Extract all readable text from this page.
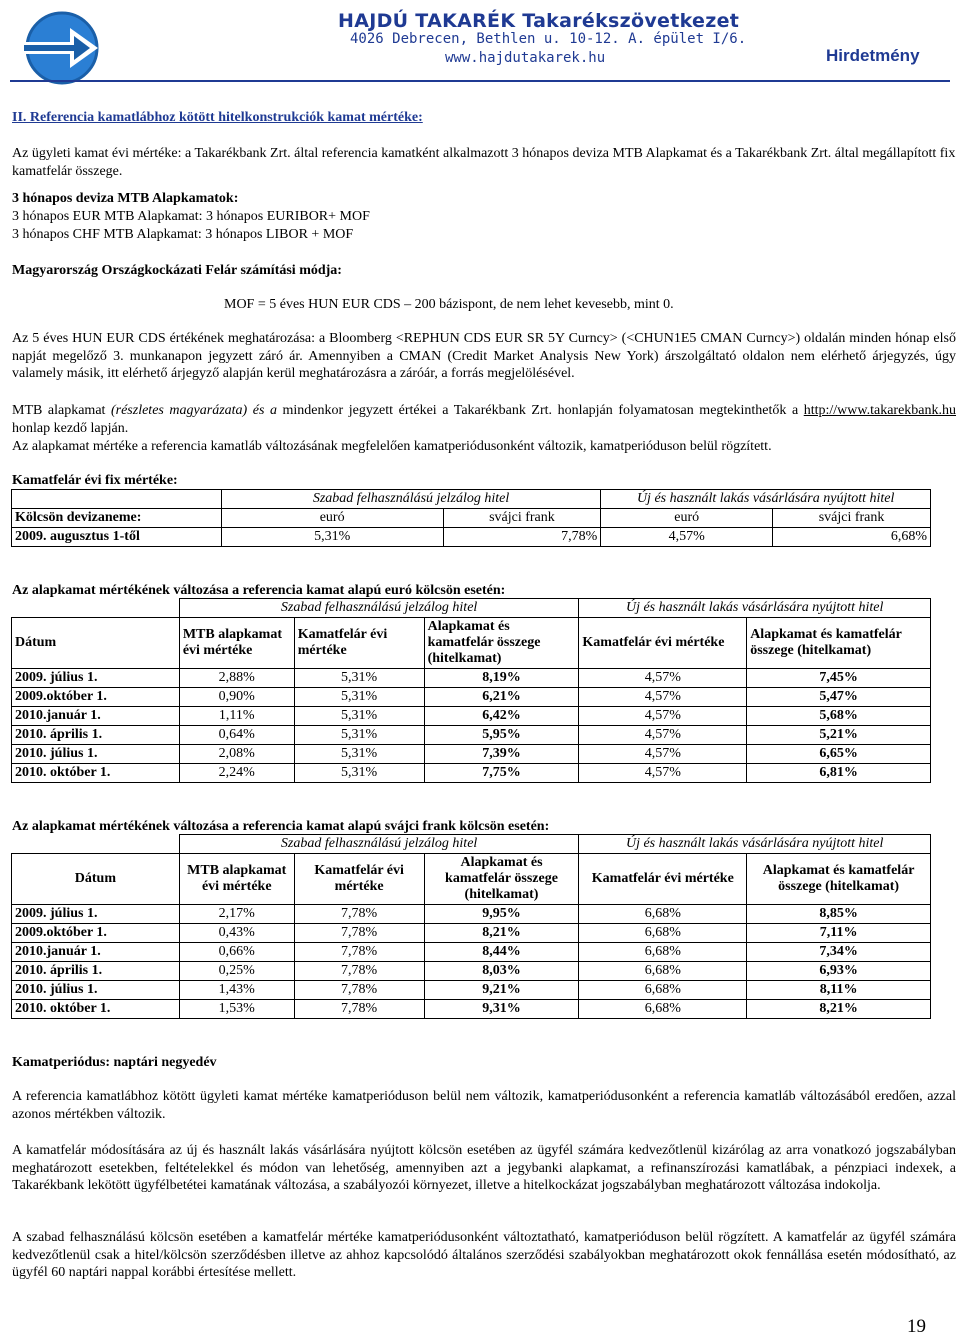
HAJDÚ TAKARÉK Takarékszövetkezet
4026 Debrecen, Bethlen u. 10-12. A. épület I/6.
www.hajdutakarek.hu	Hirdetmény
II. Referencia kamatlábhoz kötött hitelkonstrukciók kamat mértéke:
Az ügyleti kamat évi mértéke: a Takarékbank Zrt. által referencia kamatként alkalmazott 3 hónapos deviza MTB Alapkamat és a Takarékbank Zrt. által megállapított fix kamatfelár összege.
3 hónapos deviza MTB Alapkamatok:
3 hónapos EUR MTB Alapkamat: 3 hónapos EURIBOR+ MOF
3 hónapos CHF MTB Alapkamat: 3 hónapos LIBOR + MOF
Magyarország Országkockázati Felár számítási módja:
MOF = 5 éves HUN EUR CDS – 200 bázispont, de nem lehet kevesebb, mint 0.
Az 5 éves HUN EUR CDS értékének meghatározása: a Bloomberg <REPHUN CDS EUR SR 5Y Curncy> (<CHUN1E5 CMAN Curncy>) oldalán minden hónap első napját megelőző 3. munkanapon jegyzett záró ár. Amennyiben a CMAN (Credit Market Analysis New York) árszolgáltató oldalon nem elérhető árjegyzés, úgy valamely másik, itt elérhető árjegyző alapján kerül meghatározásra a záróár, a forrás megjelölésével.
MTB alapkamat (részletes magyarázata) és a mindenkor jegyzett értékei a Takarékbank Zrt. honlapján folyamatosan megtekinthetők a http://www.takarekbank.hu honlap kezdő lapján.
Az alapkamat mértéke a referencia kamatláb változásának megfelelően kamatperiódusonként változik, kamatperióduson belül rögzített.
Kamatfelár évi fix mértéke:
	Szabad felhasználású jelzálog hitel		Új és használt lakás vásárlására nyújtott hitel	
Kölcsön devizaneme:	euró	svájci frank	euró	svájci frank
2009. augusztus 1-től	5,31%	7,78%	4,57%	6,68%
Az alapkamat mértékének változása a referencia kamat alapú euró kölcsön esetén:
	Szabad felhasználású jelzálog hitel			Új és használt lakás vásárlására nyújtott hitel	
Dátum	MTB alapkamat évi mértéke	Kamatfelár évi mértéke	Alapkamat és kamatfelár összege (hitelkamat)	Kamatfelár évi mértéke	Alapkamat és kamatfelár összege (hitelkamat)
2009. július 1.	2,88%	5,31%	8,19%	4,57%	7,45%
2009.október 1.	0,90%	5,31%	6,21%	4,57%	5,47%
2010.január 1.	1,11%	5,31%	6,42%	4,57%	5,68%
2010. április 1.	0,64%	5,31%	5,95%	4,57%	5,21%
2010. július 1.	2,08%	5,31%	7,39%	4,57%	6,65%
2010. október 1.	2,24%	5,31%	7,75%	4,57%	6,81%
Az alapkamat mértékének változása a referencia kamat alapú svájci frank kölcsön esetén:
	Szabad felhasználású jelzálog hitel			Új és használt lakás vásárlására nyújtott hitel	
Dátum	MTB alapkamat évi mértéke	Kamatfelár évi mértéke	Alapkamat és kamatfelár összege (hitelkamat)	Kamatfelár évi mértéke	Alapkamat és kamatfelár összege (hitelkamat)
2009. július 1.	2,17%	7,78%	9,95%	6,68%	8,85%
2009.október 1.	0,43%	7,78%	8,21%	6,68%	7,11%
2010.január 1.	0,66%	7,78%	8,44%	6,68%	7,34%
2010. április 1.	0,25%	7,78%	8,03%	6,68%	6,93%
2010. július 1.	1,43%	7,78%	9,21%	6,68%	8,11%
2010. október 1.	1,53%	7,78%	9,31%	6,68%	8,21%
Kamatperiódus: naptári negyedév
A referencia kamatlábhoz kötött ügyleti kamat mértéke kamatperióduson belül nem változik, kamatperiódusonként a referencia kamatláb változásából eredően, azzal azonos mértékben változik.
A kamatfelár módosítására az új és használt lakás vásárlására nyújtott kölcsön esetében az ügyfél számára kedvezőtlenül kizárólag az arra vonatkozó jogszabályban meghatározott esetekben, feltételekkel és módon van lehetőség, amennyiben azt a jegybanki alapkamat, a refinanszírozási kamatlábak, a pénzpiaci indexek, a Takarékbank lekötött ügyfélbetétei kamatának változása, a szabályozói környezet, illetve a hitelkockázat jogszabályban meghatározott változása indokolja.
A szabad felhasználású kölcsön esetében a kamatfelár mértéke kamatperiódusonként változtatható, kamatperióduson belül rögzített. A kamatfelár az ügyfél számára kedvezőtlenül csak a hitel/kölcsön szerződésben illetve az ahhoz kapcsolódó általános szerződési szabályokban meghatározott okok fennállása esetén módosítható, az ügyfél 60 naptári nappal korábbi értesítése mellett.
19
